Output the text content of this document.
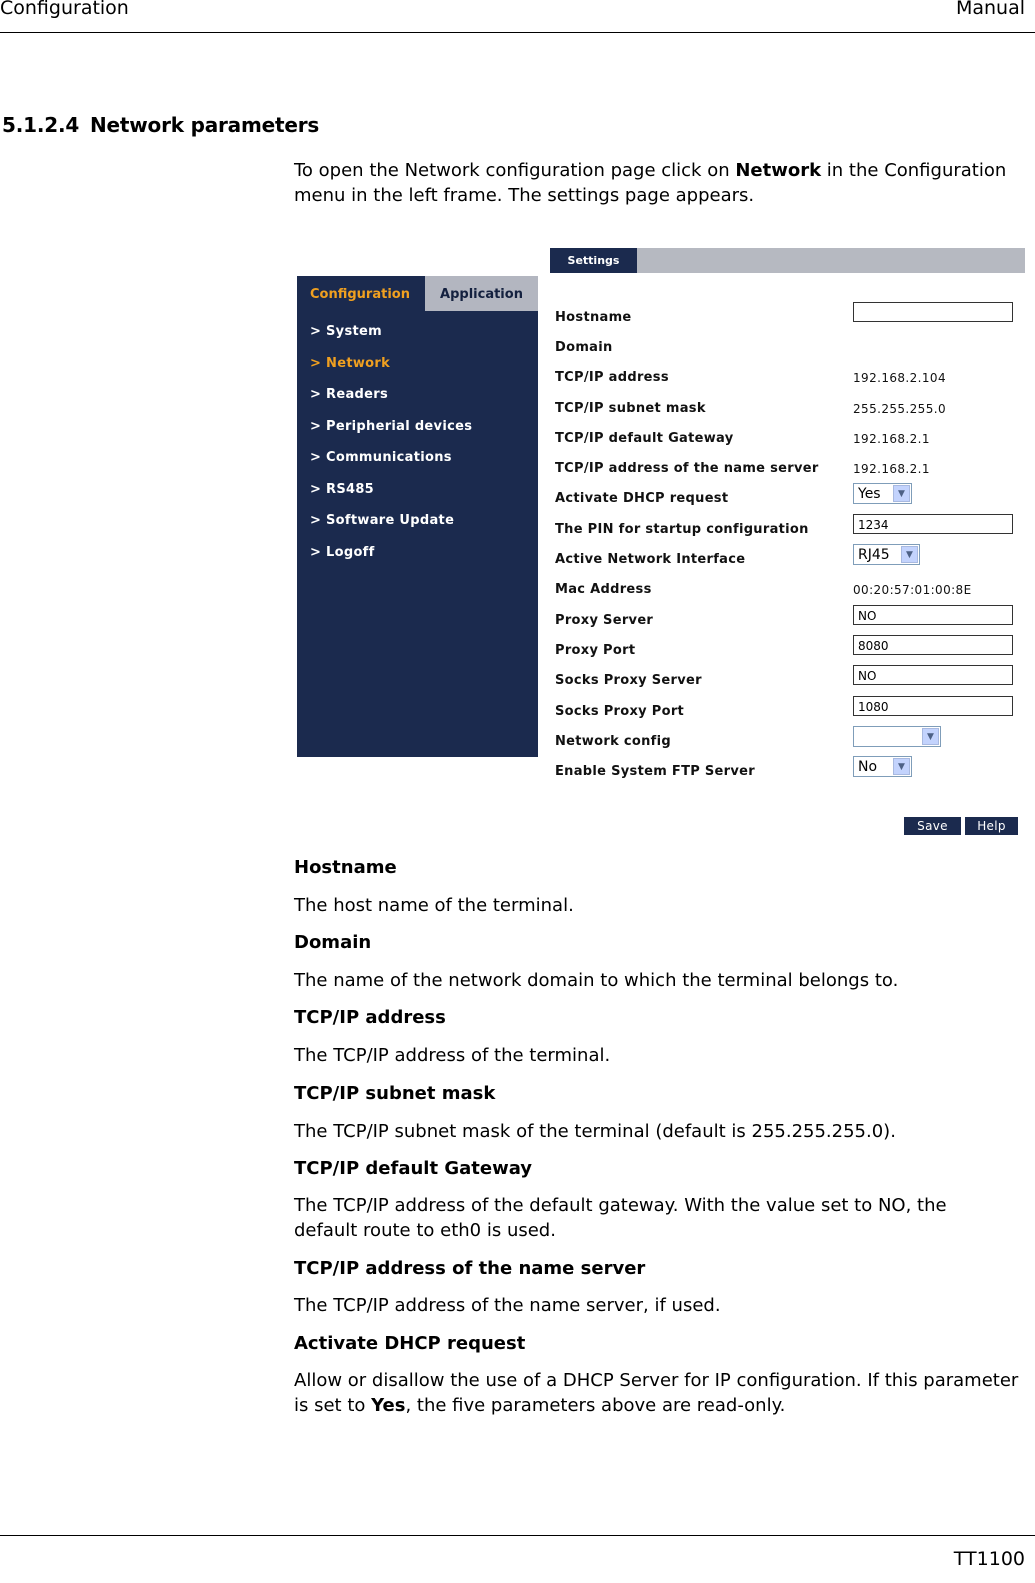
Configuration	Manual
5.1.2.4 Network parameters
To open the Network configuration page click on Network in the Configuration menu in the left frame. The settings page appears.
Configuration	Application
> System
> Network
> Readers
> Peripherial devices
> Communications
> RS485
> Software Update
> Logoff
Settings
Hostname
Domain
TCP/IP address	192.168.2.104
TCP/IP subnet mask	255.255.255.0
TCP/IP default Gateway	192.168.2.1
TCP/IP address of the name server	192.168.2.1
Activate DHCP request	Yes	▼
The PIN for startup configuration	1234
Active Network Interface	RJ45	▼
Mac Address	00:20:57:01:00:8E
Proxy Server	NO
Proxy Port	8080
Socks Proxy Server	NO
Socks Proxy Port	1080
Network config	▼
Enable System FTP Server	No	▼
Save	Help
Hostname
The host name of the terminal.
Domain
The name of the network domain to which the terminal belongs to.
TCP/IP address
The TCP/IP address of the terminal.
TCP/IP subnet mask
The TCP/IP subnet mask of the terminal (default is 255.255.255.0).
TCP/IP default Gateway
The TCP/IP address of the default gateway. With the value set to NO, the default route to eth0 is used.
TCP/IP address of the name server
The TCP/IP address of the name server, if used.
Activate DHCP request
Allow or disallow the use of a DHCP Server for IP configuration. If this parameter is set to Yes, the five parameters above are read-only.
TT1100
